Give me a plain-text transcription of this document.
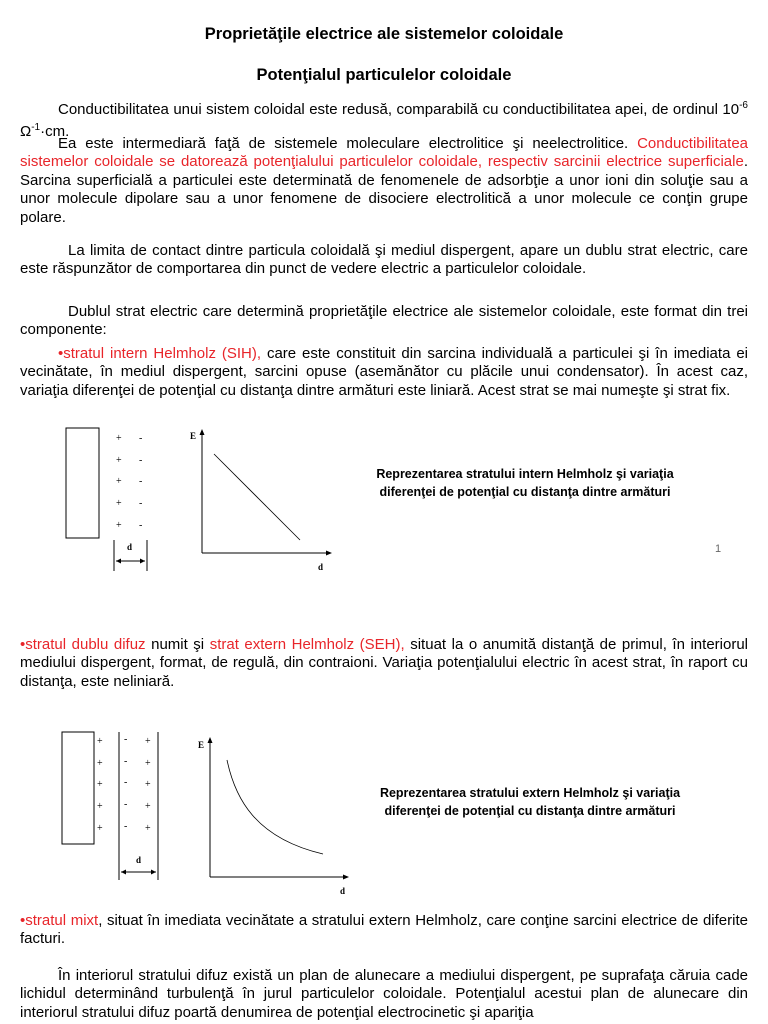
Proprietăţile electrice ale sistemelor coloidale
Potenţialul particulelor coloidale

Conductibilitatea unui sistem coloidal este redusă, comparabilă cu conductibilitatea apei, de ordinul $10^{-6}$ $\Omega^{-1}\cdot cm$.

Ea este intermediară faţă de sistemele moleculare electrolitice şi neelectrolitice. Conductibilitatea sistemelor coloidale se datorează potenţialului particulelor coloidale, respectiv sarcinii electrice superficiale. Sarcina superficială a particulei este determinată de fenomenele de adsorbţie a unor ioni din soluţie sau a unor molecule dipolare sau a unor fenomene de disociere electrolitică a unor molecule ce conţin grupe polare.

La limita de contact dintre particula coloidală şi mediul dispergent, apare un dublu strat electric, care este răspunzător de comportarea din punct de vedere electric a particulelor coloidale.

Dublul strat electric care determină proprietăţile electrice ale sistemelor coloidale, este format din trei componente:

•stratul intern Helmholz (SIH), care este constituit din sarcina individuală a particulei şi în imediata ei vecinătate, în mediul dispergent, sarcini opuse (asemănător cu plăcile unui condensator). În acest caz, variaţia diferenţei de potenţial cu distanţa dintre armături este liniară. Acest strat se mai numeşte şi strat fix.

+
+
+
+
+
-
-
-
-
-
d
E
d
Reprezentarea stratului intern Helmholz şi variaţia
diferenţei de potenţial cu distanţa dintre armături
1

•stratul dublu difuz numit şi strat extern Helmholz (SEH), situat la o anumită distanţă de primul, în interiorul mediului dispergent, format, de regulă, din contraioni. Variaţia potenţialului electric în acest strat, în raport cu distanţa, este neliniară.

+
+
+
+
+
-
-
-
-
-
+
+
+
+
+
d
E
d
Reprezentarea stratului extern Helmholz şi variaţia
diferenţei de potenţial cu distanţa dintre armături

•stratul mixt, situat în imediata vecinătate a stratului extern Helmholz, care conţine sarcini electrice de diferite facturi.

În interiorul stratului difuz există un plan de alunecare a mediului dispergent, pe suprafaţa căruia cade lichidul determinând turbulenţă în jurul particulelor coloidale. Potenţialul acestui plan de alunecare din interiorul stratului difuz poartă denumirea de potenţial electrocinetic şi apariţia
